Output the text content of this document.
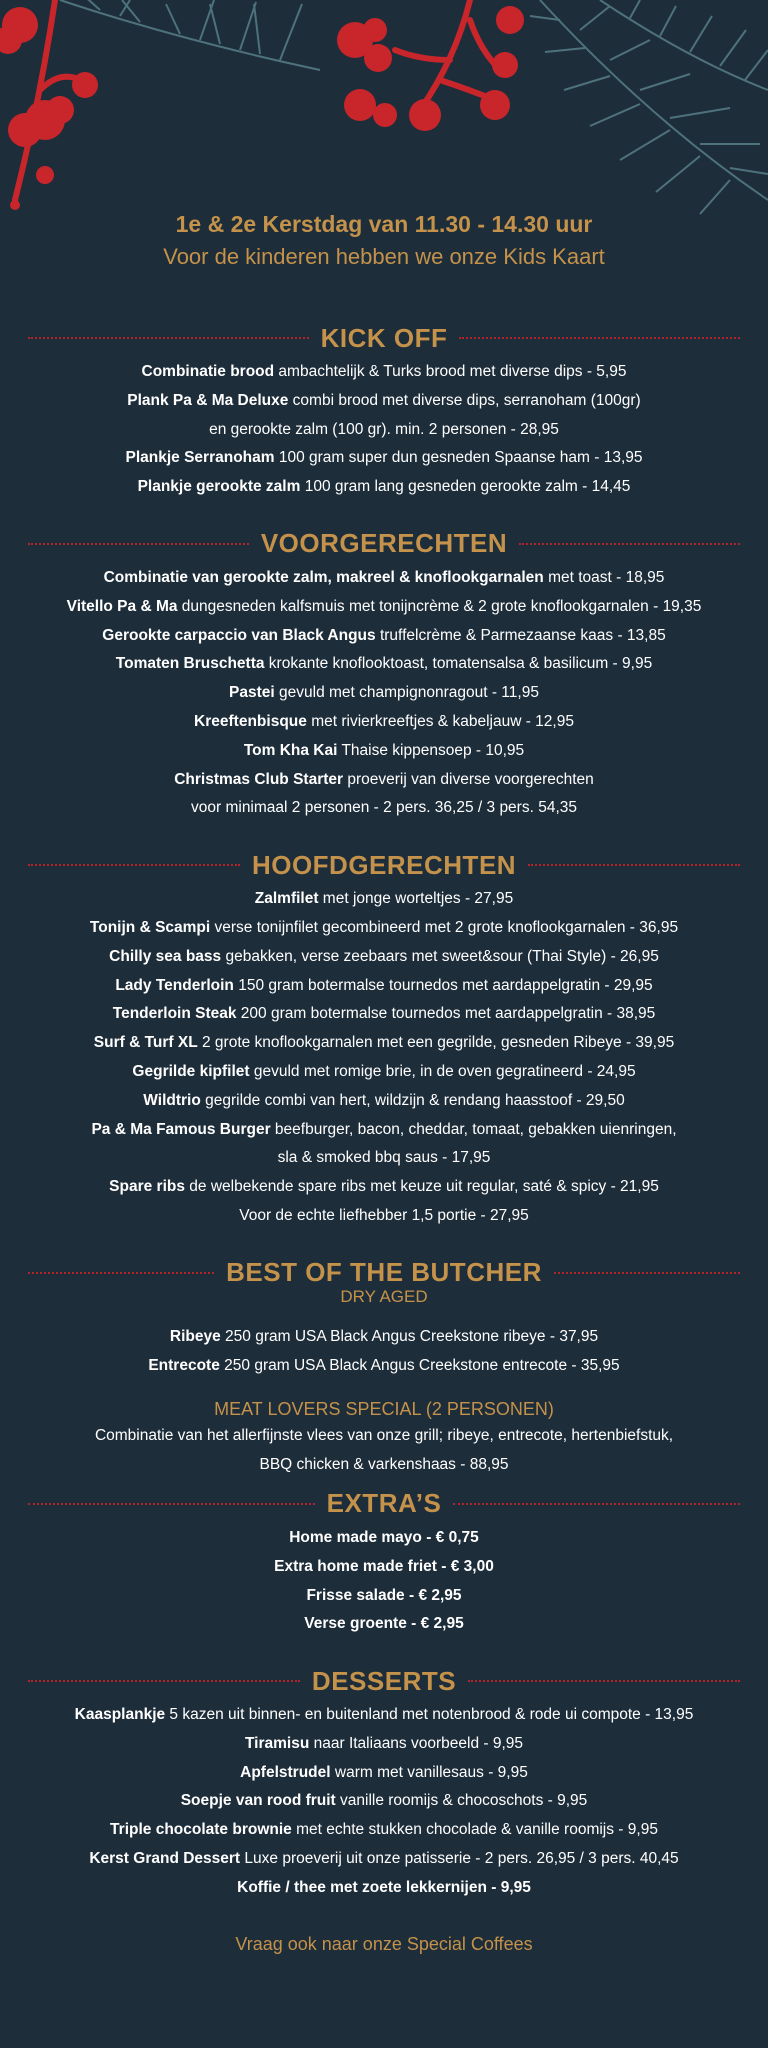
1e & 2e Kerstdag van 11.30 - 14.30 uur
Voor de kinderen hebben we onze Kids Kaart
KICK OFF
Combinatie brood ambachtelijk & Turks brood met diverse dips - 5,95
Plank Pa & Ma Deluxe combi brood met diverse dips, serranoham (100gr)
en gerookte zalm (100 gr). min. 2 personen - 28,95
Plankje Serranoham 100 gram super dun gesneden Spaanse ham - 13,95
Plankje gerookte zalm 100 gram lang gesneden gerookte zalm - 14,45
VOORGERECHTEN
Combinatie van gerookte zalm, makreel & knoflookgarnalen met toast - 18,95
Vitello Pa & Ma dungesneden kalfsmuis met tonijncrème & 2 grote knoflookgarnalen - 19,35
Gerookte carpaccio van Black Angus truffelcrème & Parmezaanse kaas - 13,85
Tomaten Bruschetta krokante knoflooktoast, tomatensalsa & basilicum - 9,95
Pastei gevuld met champignonragout - 11,95
Kreeftenbisque met rivierkreeftjes & kabeljauw - 12,95
Tom Kha Kai Thaise kippensoep - 10,95
Christmas Club Starter proeverij van diverse voorgerechten
voor minimaal 2 personen - 2 pers. 36,25 / 3 pers. 54,35
HOOFDGERECHTEN
Zalmfilet met jonge worteltjes - 27,95
Tonijn & Scampi verse tonijnfilet gecombineerd met 2 grote knoflookgarnalen - 36,95
Chilly sea bass gebakken, verse zeebaars met sweet&sour (Thai Style) - 26,95
Lady Tenderloin 150 gram botermalse tournedos met aardappelgratin - 29,95
Tenderloin Steak 200 gram botermalse tournedos met aardappelgratin - 38,95
Surf & Turf XL 2 grote knoflookgarnalen met een gegrilde, gesneden Ribeye - 39,95
Gegrilde kipfilet gevuld met romige brie, in de oven gegratineerd - 24,95
Wildtrio gegrilde combi van hert, wildzijn & rendang haasstoof - 29,50
Pa & Ma Famous Burger beefburger, bacon, cheddar, tomaat, gebakken uienringen,
sla & smoked bbq saus - 17,95
Spare ribs de welbekende spare ribs met keuze uit regular, saté & spicy - 21,95
Voor de echte liefhebber 1,5 portie - 27,95
BEST OF THE BUTCHER
DRY AGED
Ribeye 250 gram USA Black Angus Creekstone ribeye - 37,95
Entrecote 250 gram USA Black Angus Creekstone entrecote - 35,95
MEAT LOVERS SPECIAL (2 PERSONEN)
Combinatie van het allerfijnste vlees van onze grill; ribeye, entrecote, hertenbiefstuk,
BBQ chicken & varkenshaas - 88,95
EXTRA’S
Home made mayo - € 0,75
Extra home made friet - € 3,00
Frisse salade - € 2,95
Verse groente - € 2,95
DESSERTS
Kaasplankje 5 kazen uit binnen- en buitenland met notenbrood & rode ui compote - 13,95
Tiramisu naar Italiaans voorbeeld - 9,95
Apfelstrudel warm met vanillesaus - 9,95
Soepje van rood fruit vanille roomijs & chocoschots - 9,95
Triple chocolate brownie met echte stukken chocolade & vanille roomijs - 9,95
Kerst Grand Dessert Luxe proeverij uit onze patisserie - 2 pers. 26,95 / 3 pers. 40,45
Koffie / thee met zoete lekkernijen - 9,95
Vraag ook naar onze Special Coffees
